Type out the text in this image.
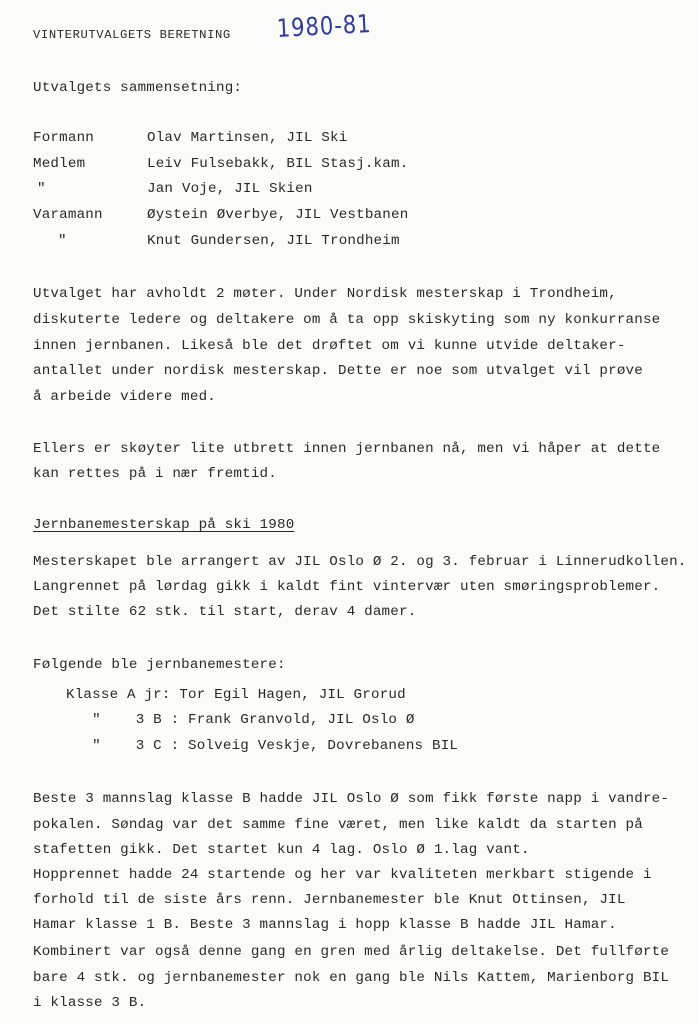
VINTERUTVALGETS BERETNING 1980-81
Utvalgets sammensetning:
Formann	Olav Martinsen, JIL Ski
Medlem	Leiv Fulsebakk, BIL Stasj.kam.
"	Jan Voje, JIL Skien
Varamann	Øystein Øverbye, JIL Vestbanen
"	Knut Gundersen, JIL Trondheim
Utvalget har avholdt 2 møter. Under Nordisk mesterskap i Trondheim,
diskuterte ledere og deltakere om å ta opp skiskyting som ny konkurranse
innen jernbanen. Likeså ble det drøftet om vi kunne utvide deltaker-
antallet under nordisk mesterskap. Dette er noe som utvalget vil prøve
å arbeide videre med.
Ellers er skøyter lite utbrett innen jernbanen nå, men vi håper at dette
kan rettes på i nær fremtid.
Jernbanemesterskap på ski 1980
Mesterskapet ble arrangert av JIL Oslo Ø 2. og 3. februar i Linnerudkollen.
Langrennet på lørdag gikk i kaldt fint vintervær uten smøringsproblemer.
Det stilte 62 stk. til start, derav 4 damer.
Følgende ble jernbanemestere:
Klasse A jr: Tor Egil Hagen, JIL Grorud
"    3 B : Frank Granvold, JIL Oslo Ø
"    3 C : Solveig Veskje, Dovrebanens BIL
Beste 3 mannslag klasse B hadde JIL Oslo Ø som fikk første napp i vandre-
pokalen. Søndag var det samme fine været, men like kaldt da starten på
stafetten gikk. Det startet kun 4 lag. Oslo Ø 1.lag vant.
Hopprennet hadde 24 startende og her var kvaliteten merkbart stigende i
forhold til de siste års renn. Jernbanemester ble Knut Ottinsen, JIL
Hamar klasse 1 B. Beste 3 mannslag i hopp klasse B hadde JIL Hamar.
Kombinert var også denne gang en gren med årlig deltakelse. Det fullførte
bare 4 stk. og jernbanemester nok en gang ble Nils Kattem, Marienborg BIL
i klasse 3 B.
